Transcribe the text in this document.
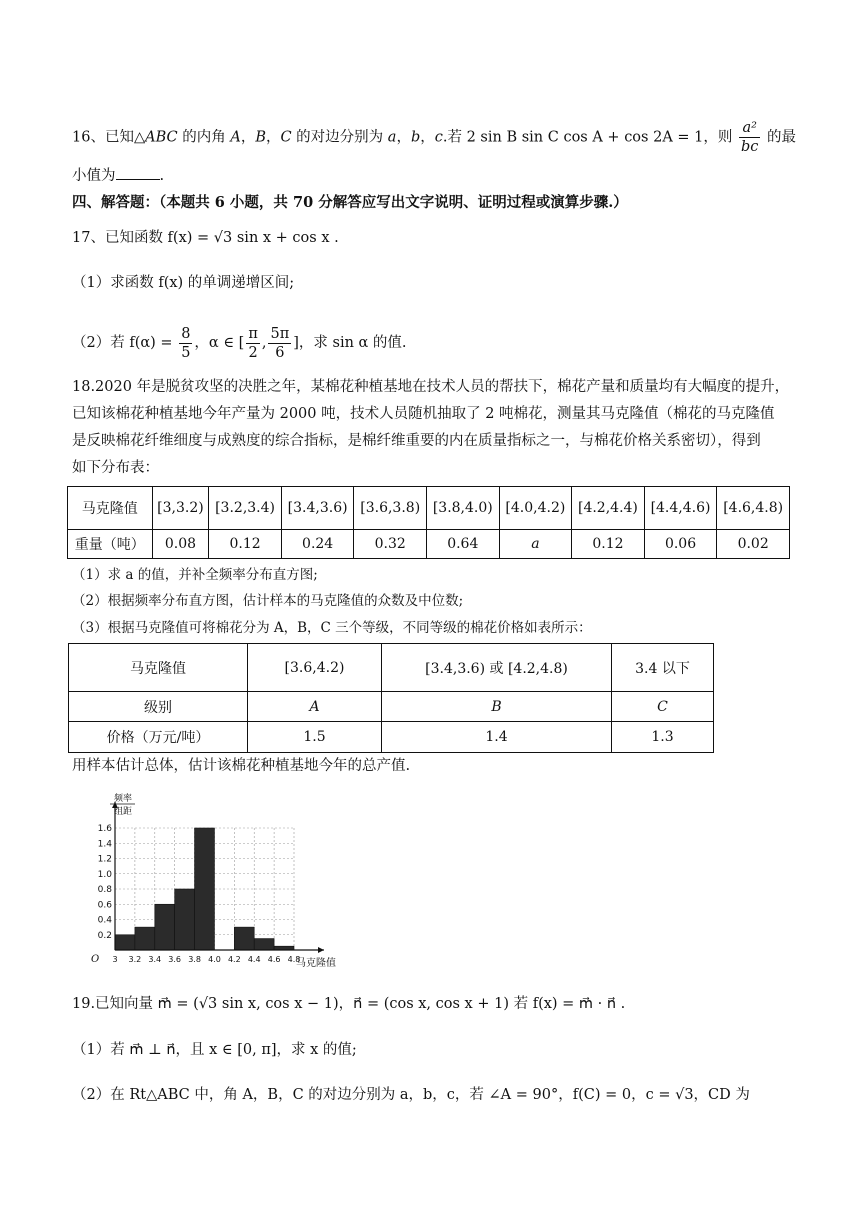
16、已知△ABC 的内角 A，B，C 的对边分别为 a，b，c.若 2 sin B sin C cos A + cos 2A = 1，则 $\frac{\text{a²}}{bc}$ 的最
小值为	.
四、解答题：（本题共 6 小题，共 70 分解答应写出文字说明、证明过程或演算步骤.）
17、已知函数 f(x) = √3 sin x + cos x .
（1）求函数 f(x) 的单调递增区间;
（2）若 $f(\alpha) = \frac{8}{5}$ ，α ∈ [ $\frac{\pi}{2}$ , $\frac{5\pi}{6}$ ]，求 sin α 的值.
18.2020 年是脱贫攻坚的决胜之年，某棉花种植基地在技术人员的帮扶下，棉花产量和质量均有大幅度的提升，
已知该棉花种植基地今年产量为 2000 吨，技术人员随机抽取了 2 吨棉花，测量其马克隆值（棉花的马克隆值
是反映棉花纤维细度与成熟度的综合指标，是棉纤维重要的内在质量指标之一，与棉花价格关系密切），得到
如下分布表：
马克隆值	[3,3.2)	[3.2,3.4)	[3.4,3.6)	[3.6,3.8)	[3.8,4.0)	[4.0,4.2)	[4.2,4.4)	[4.4,4.6)	[4.6,4.8)
重量（吨）	0.08	0.12	0.24	0.32	0.64	a	0.12	0.06	0.02
（1）求 a 的值，并补全频率分布直方图;
（2）根据频率分布直方图，估计样本的马克隆值的众数及中位数;
（3）根据马克隆值可将棉花分为 A，B，C 三个等级，不同等级的棉花价格如表所示：
马克隆值	[3.6,4.2)	[3.4,3.6) 或 [4.2,4.8)	3.4 以下
级别	A	B	C
价格（万元/吨）	1.5	1.4	1.3
用样本估计总体，估计该棉花种植基地今年的总产值.
0.2
0.4
0.6
0.8
1.0
1.2
1.4
1.6
3 3.2 3.4 3.6 3.8 4.0 4.2 4.4 4.6 4.8
O
频率
组距
马克隆值
19.已知向量 m⃗ = (√3 sin x, cos x − 1)，n⃗ = (cos x, cos x + 1) 若 f(x) = m⃗ · n⃗ .
（1）若 m⃗ ⊥ n⃗，且 x ∈ [0, π]，求 x 的值;
（2）在 Rt△ABC 中，角 A，B，C 的对边分别为 a，b，c，若 ∠A = 90°，f(C) = 0，c = √3，CD 为
